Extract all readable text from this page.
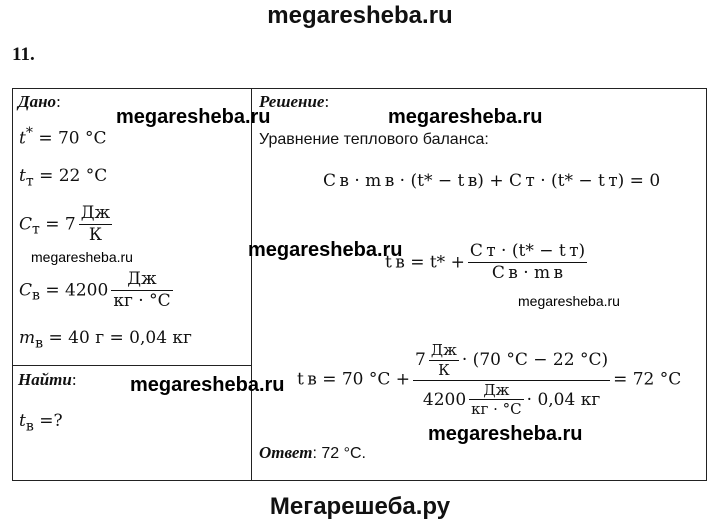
megaresheba.ru
11.
Дано:
t* = 70 °C
$t_т = 22$ °C
$C_т = 7 \frac{Дж}{К}$
$C_в = 4200 \frac{Дж}{кг \cdot ^\circ C}$
$m_в = 40$ г = 0,04 кг
Найти:
$t_в$ =?
Решение:
Уравнение теплового баланса:
C в · m в · (t* − t в) + C т · (t* − t т) = 0
t $в = t* + \frac{\text{C т · (t* − t т)}}{\text{C в · m в}}$
t в = 70 $^\circ C + \frac{7 \frac{Дж}{К} \cdot (70 ^\circ C - 22 ^\circ C)}{4200 \frac{Дж}{кг \cdot ^\circ C} \cdot 0,04 кг} = 72$ °C
Ответ: 72 °C.
megaresheba.ru	megaresheba.ru
megaresheba.ru
megaresheba.ru
megaresheba.ru
megaresheba.ru
megaresheba.ru
Мегарешеба.ру
